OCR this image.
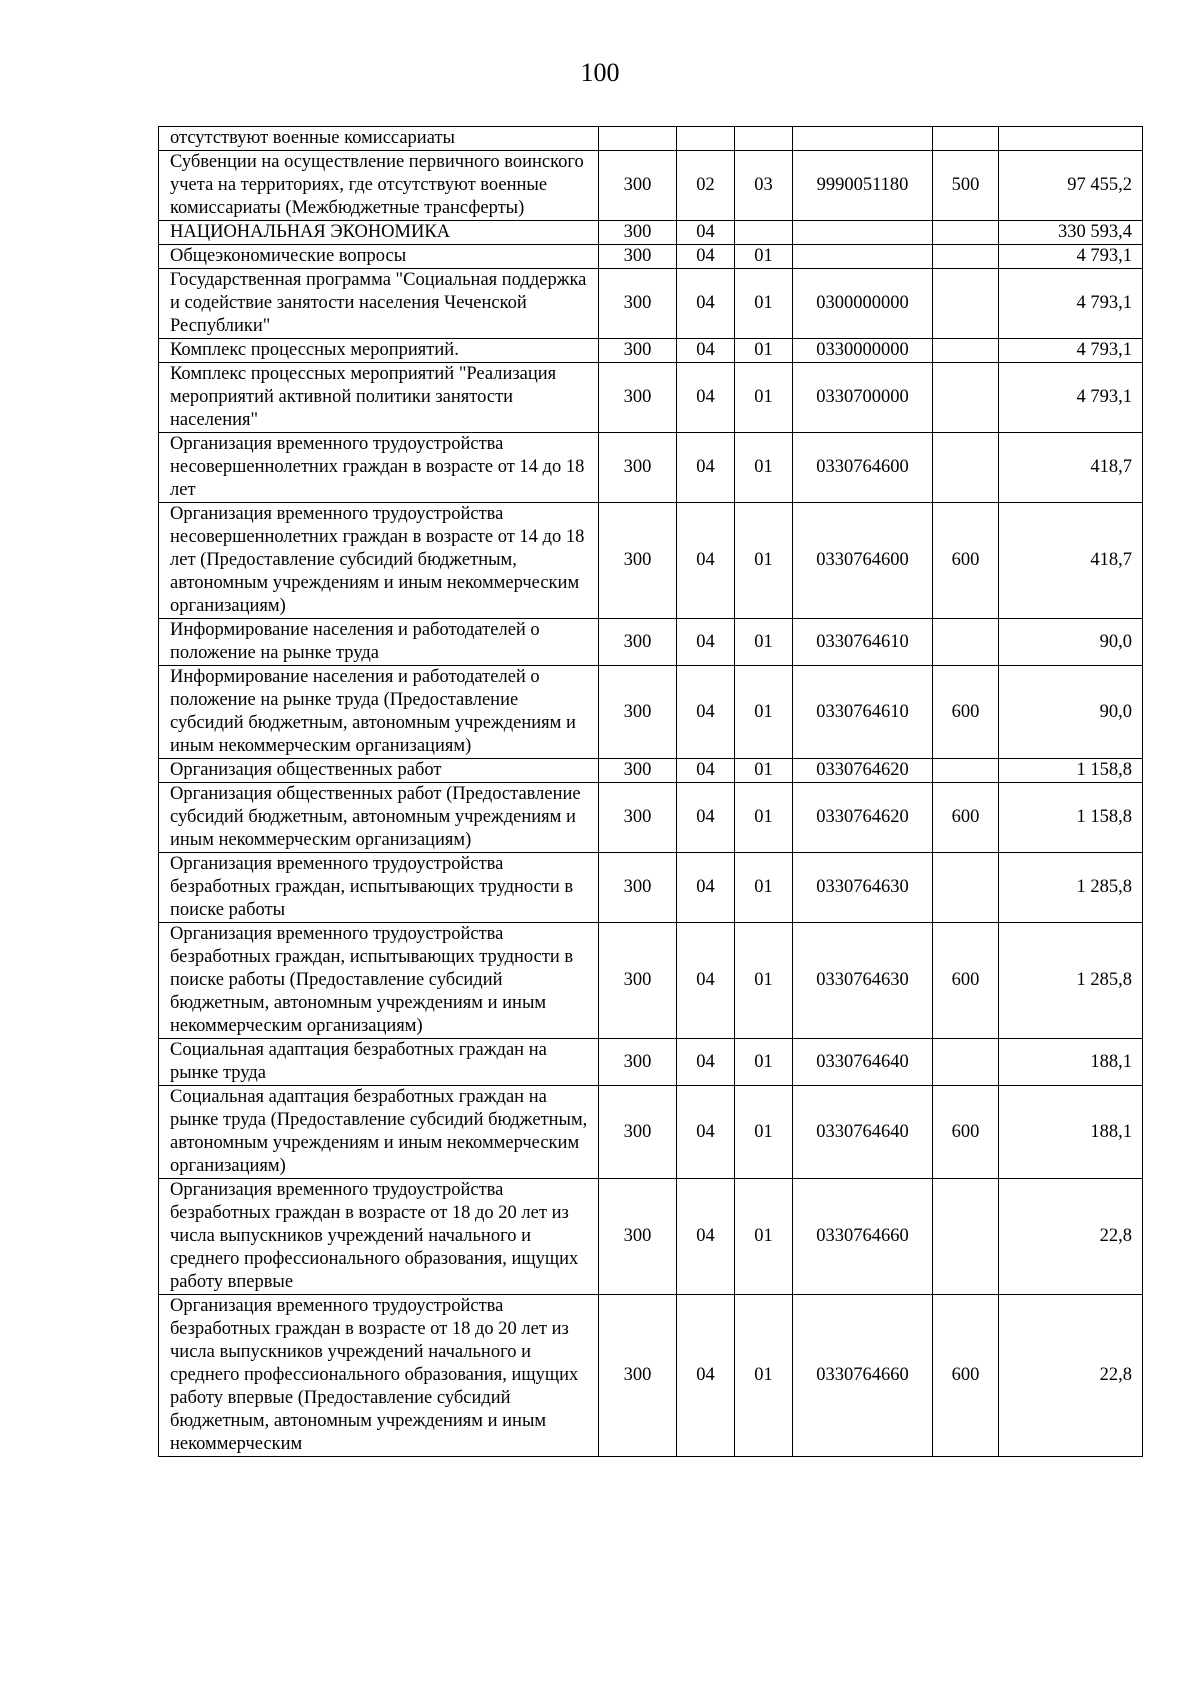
100
отсутствуют военные комиссариаты						
Субвенции на осуществление первичного воинского учета на территориях, где отсутствуют военные комиссариаты (Межбюджетные трансферты)	300	02	03	9990051180	500	97 455,2
НАЦИОНАЛЬНАЯ ЭКОНОМИКА	300	04				330 593,4
Общеэкономические вопросы	300	04	01			4 793,1
Государственная программа "Социальная поддержка и содействие занятости населения Чеченской Республики"	300	04	01	0300000000		4 793,1
Комплекс процессных мероприятий.	300	04	01	0330000000		4 793,1
Комплекс процессных мероприятий "Реализация мероприятий активной политики занятости населения"	300	04	01	0330700000		4 793,1
Организация временного трудоустройства несовершеннолетних граждан в возрасте от 14 до 18 лет	300	04	01	0330764600		418,7
Организация временного трудоустройства несовершеннолетних граждан в возрасте от 14 до 18 лет (Предоставление субсидий бюджетным, автономным учреждениям и иным некоммерческим организациям)	300	04	01	0330764600	600	418,7
Информирование населения и работодателей о положение на рынке труда	300	04	01	0330764610		90,0
Информирование населения и работодателей о положение на рынке труда (Предоставление субсидий бюджетным, автономным учреждениям и иным некоммерческим организациям)	300	04	01	0330764610	600	90,0
Организация общественных работ	300	04	01	0330764620		1 158,8
Организация общественных работ (Предоставление субсидий бюджетным, автономным учреждениям и иным некоммерческим организациям)	300	04	01	0330764620	600	1 158,8
Организация временного трудоустройства безработных граждан, испытывающих трудности в поиске работы	300	04	01	0330764630		1 285,8
Организация временного трудоустройства безработных граждан, испытывающих трудности в поиске работы (Предоставление субсидий бюджетным, автономным учреждениям и иным некоммерческим организациям)	300	04	01	0330764630	600	1 285,8
Социальная адаптация безработных граждан на рынке труда	300	04	01	0330764640		188,1
Социальная адаптация безработных граждан на рынке труда (Предоставление субсидий бюджетным, автономным учреждениям и иным некоммерческим организациям)	300	04	01	0330764640	600	188,1
Организация временного трудоустройства безработных граждан в возрасте от 18 до 20 лет из числа выпускников учреждений начального и среднего профессионального образования, ищущих работу впервые	300	04	01	0330764660		22,8
Организация временного трудоустройства безработных граждан в возрасте от 18 до 20 лет из числа выпускников учреждений начального и среднего профессионального образования, ищущих работу впервые (Предоставление субсидий бюджетным, автономным учреждениям и иным некоммерческим	300	04	01	0330764660	600	22,8
